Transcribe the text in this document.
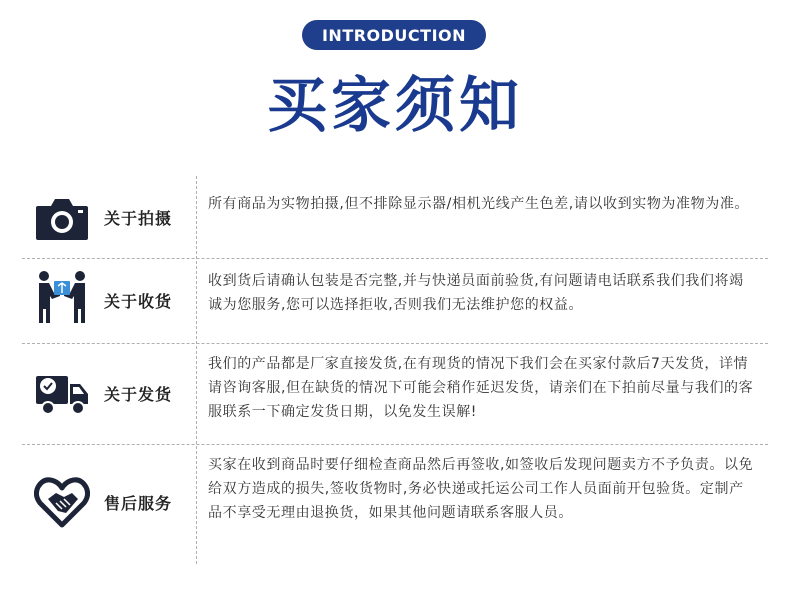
INTRODUCTION
买家须知
关于拍摄
所有商品为实物拍摄,但不排除显示器/相机光线产生色差,请以收到实物为准物为准。
关于收货
收到货后请确认包装是否完整,并与快递员面前验货,有问题请电话联系我们我们将竭诚为您服务,您可以选择拒收,否则我们无法维护您的权益。
关于发货
我们的产品都是厂家直接发货,在有现货的情况下我们会在买家付款后7天发货，详情请咨询客服,但在缺货的情况下可能会稍作延迟发货，请亲们在下拍前尽量与我们的客服联系一下确定发货日期，以免发生误解!
售后服务
买家在收到商品时要仔细检查商品然后再签收,如签收后发现问题卖方不予负责。以免给双方造成的损失,签收货物时,务必快递或托运公司工作人员面前开包验货。定制产品不享受无理由退换货，如果其他问题请联系客服人员。
